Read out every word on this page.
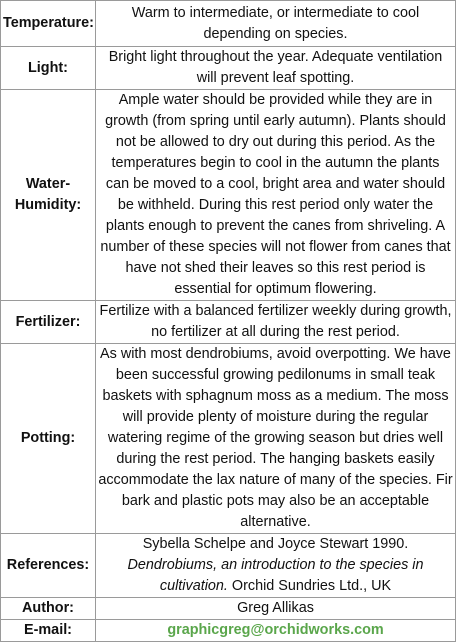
Temperature:	Warm to intermediate, or intermediate to cool depending on species.
Light:	Bright light throughout the year. Adequate ventilation will prevent leaf spotting.
Water-Humidity:	Ample water should be provided while they are in growth (from spring until early autumn). Plants should not be allowed to dry out during this period. As the temperatures begin to cool in the autumn the plants can be moved to a cool, bright area and water should be withheld. During this rest period only water the plants enough to prevent the canes from shriveling. A number of these species will not flower from canes that have not shed their leaves so this rest period is essential for optimum flowering.
Fertilizer:	Fertilize with a balanced fertilizer weekly during growth, no fertilizer at all during the rest period.
Potting:	As with most dendrobiums, avoid overpotting. We have been successful growing pedilonums in small teak baskets with sphagnum moss as a medium. The moss will provide plenty of moisture during the regular watering regime of the growing season but dries well during the rest period. The hanging baskets easily accommodate the lax nature of many of the species. Fir bark and plastic pots may also be an acceptable alternative.
References:	Sybella Schelpe and Joyce Stewart 1990. Dendrobiums, an introduction to the species in cultivation. Orchid Sundries Ltd., UK
Author:	Greg Allikas
E-mail:	graphicgreg@orchidworks.com
